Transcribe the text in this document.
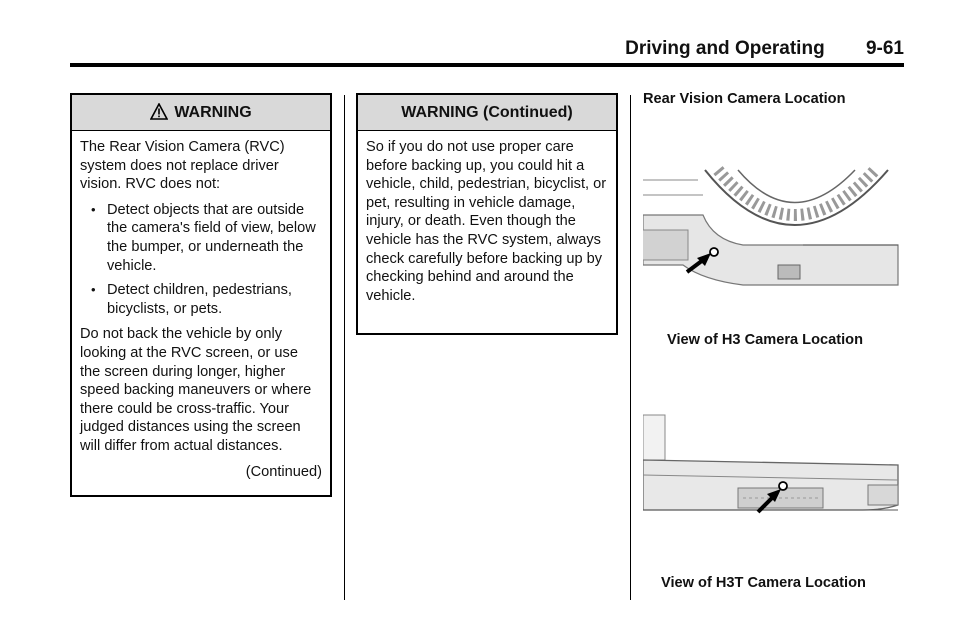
Driving and Operating 9-61
WARNING

The Rear Vision Camera (RVC) system does not replace driver vision. RVC does not:

• Detect objects that are outside the camera's field of view, below the bumper, or underneath the vehicle.
• Detect children, pedestrians, bicyclists, or pets.

Do not back the vehicle by only looking at the RVC screen, or use the screen during longer, higher speed backing maneuvers or where there could be cross-traffic. Your judged distances using the screen will differ from actual distances.

(Continued)
WARNING (Continued)

So if you do not use proper care before backing up, you could hit a vehicle, child, pedestrian, bicyclist, or pet, resulting in vehicle damage, injury, or death. Even though the vehicle has the RVC system, always check carefully before backing up by checking behind and around the vehicle.

Rear Vision Camera Location
View of H3 Camera Location
View of H3T Camera Location
